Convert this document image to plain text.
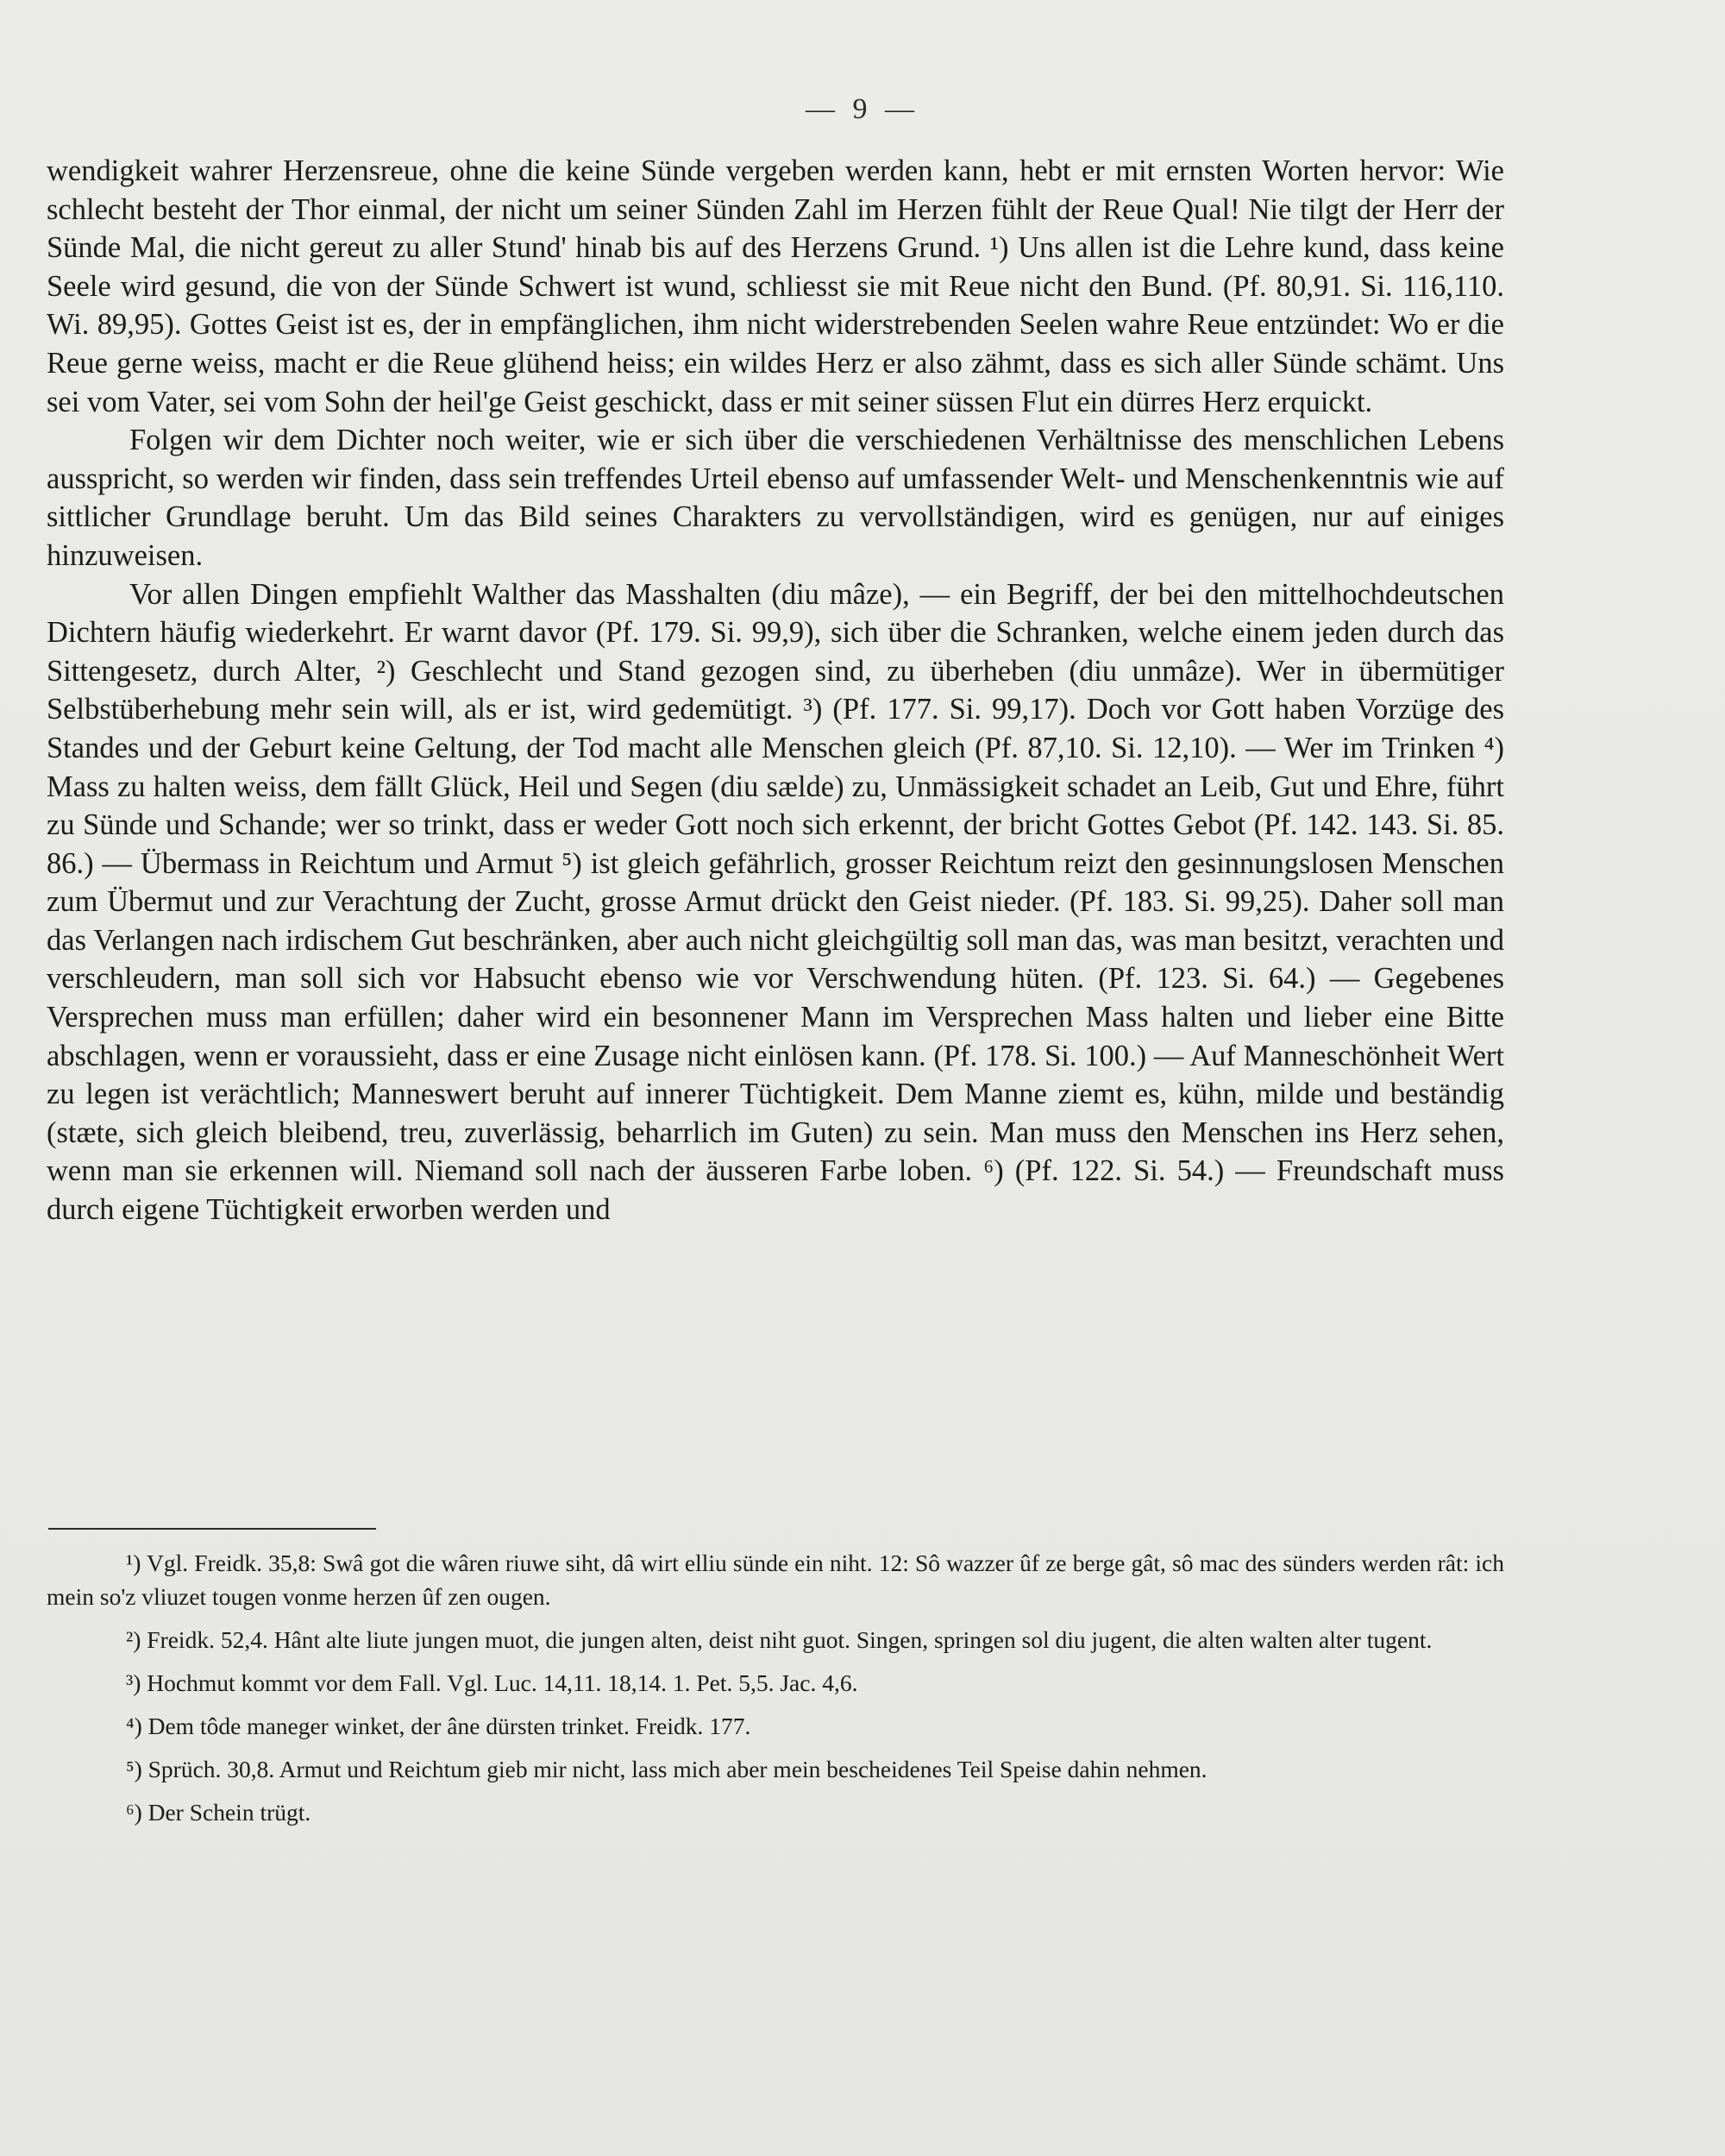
— 9 —

wendigkeit wahrer Herzensreue, ohne die keine Sünde vergeben werden kann, hebt er mit ernsten Worten hervor: Wie schlecht besteht der Thor einmal, der nicht um seiner Sünden Zahl im Herzen fühlt der Reue Qual! Nie tilgt der Herr der Sünde Mal, die nicht gereut zu aller Stund' hinab bis auf des Herzens Grund. ¹) Uns allen ist die Lehre kund, dass keine Seele wird gesund, die von der Sünde Schwert ist wund, schliesst sie mit Reue nicht den Bund. (Pf. 80,91. Si. 116,110. Wi. 89,95). Gottes Geist ist es, der in empfänglichen, ihm nicht widerstrebenden Seelen wahre Reue entzündet: Wo er die Reue gerne weiss, macht er die Reue glühend heiss; ein wildes Herz er also zähmt, dass es sich aller Sünde schämt. Uns sei vom Vater, sei vom Sohn der heil'ge Geist geschickt, dass er mit seiner süssen Flut ein dürres Herz erquickt.

Folgen wir dem Dichter noch weiter, wie er sich über die verschiedenen Verhältnisse des menschlichen Lebens ausspricht, so werden wir finden, dass sein treffendes Urteil ebenso auf umfassender Welt- und Menschenkenntnis wie auf sittlicher Grundlage beruht. Um das Bild seines Charakters zu vervollständigen, wird es genügen, nur auf einiges hinzuweisen.

Vor allen Dingen empfiehlt Walther das Masshalten (diu mâze), — ein Begriff, der bei den mittelhochdeutschen Dichtern häufig wiederkehrt. Er warnt davor (Pf. 179. Si. 99,9), sich über die Schranken, welche einem jeden durch das Sittengesetz, durch Alter, ²) Geschlecht und Stand gezogen sind, zu überheben (diu unmâze). Wer in übermütiger Selbstüberhebung mehr sein will, als er ist, wird gedemütigt. ³) (Pf. 177. Si. 99,17). Doch vor Gott haben Vorzüge des Standes und der Geburt keine Geltung, der Tod macht alle Menschen gleich (Pf. 87,10. Si. 12,10). — Wer im Trinken ⁴) Mass zu halten weiss, dem fällt Glück, Heil und Segen (diu sælde) zu, Unmässigkeit schadet an Leib, Gut und Ehre, führt zu Sünde und Schande; wer so trinkt, dass er weder Gott noch sich erkennt, der bricht Gottes Gebot (Pf. 142. 143. Si. 85. 86.) — Übermass in Reichtum und Armut ⁵) ist gleich gefährlich, grosser Reichtum reizt den gesinnungslosen Menschen zum Übermut und zur Verachtung der Zucht, grosse Armut drückt den Geist nieder. (Pf. 183. Si. 99,25). Daher soll man das Verlangen nach irdischem Gut beschränken, aber auch nicht gleichgültig soll man das, was man besitzt, verachten und verschleudern, man soll sich vor Habsucht ebenso wie vor Verschwendung hüten. (Pf. 123. Si. 64.) — Gegebenes Versprechen muss man erfüllen; daher wird ein besonnener Mann im Versprechen Mass halten und lieber eine Bitte abschlagen, wenn er voraussieht, dass er eine Zusage nicht einlösen kann. (Pf. 178. Si. 100.) — Auf Manneschönheit Wert zu legen ist verächtlich; Manneswert beruht auf innerer Tüchtigkeit. Dem Manne ziemt es, kühn, milde und beständig (stæte, sich gleich bleibend, treu, zuverlässig, beharrlich im Guten) zu sein. Man muss den Menschen ins Herz sehen, wenn man sie erkennen will. Niemand soll nach der äusseren Farbe loben. ⁶) (Pf. 122. Si. 54.) — Freundschaft muss durch eigene Tüchtigkeit erworben werden und

¹) Vgl. Freidk. 35,8: Swâ got die wâren riuwe siht, dâ wirt elliu sünde ein niht. 12: Sô wazzer ûf ze berge gât, sô mac des sünders werden rât: ich mein so'z vliuzet tougen vonme herzen ûf zen ougen.

²) Freidk. 52,4. Hânt alte liute jungen muot, die jungen alten, deist niht guot. Singen, springen sol diu jugent, die alten walten alter tugent.

³) Hochmut kommt vor dem Fall. Vgl. Luc. 14,11. 18,14. 1. Pet. 5,5. Jac. 4,6.

⁴) Dem tôde maneger winket, der âne dürsten trinket. Freidk. 177.

⁵) Sprüch. 30,8. Armut und Reichtum gieb mir nicht, lass mich aber mein bescheidenes Teil Speise dahin nehmen.

⁶) Der Schein trügt.
